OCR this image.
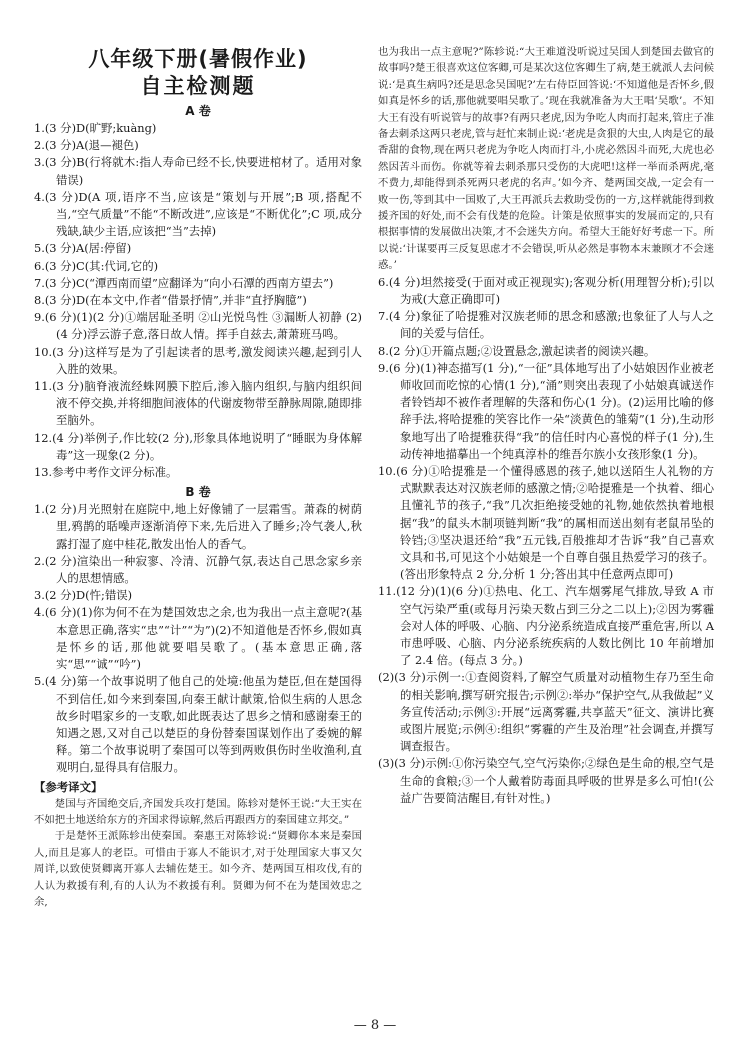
八年级下册(暑假作业)

自主检测题

A 卷

1.(3 分)D(旷野;kuàng)

2.(3 分)A(退—褪色)

3.(3 分)B(行将就木:指人寿命已经不长,快要进棺材了。适用对象错误)

4.(3 分)D(A 项,语序不当,应该是“策划与开展”;B 项,搭配不当,“空气质量”不能“不断改进”,应该是“不断优化”;C 项,成分残缺,缺少主语,应该把“当”去掉)

5.(3 分)A(居:停留)

6.(3 分)C(其:代词,它的)

7.(3 分)C(“潭西南而望”应翻译为“向小石潭的西南方望去”)

8.(3 分)D(在本文中,作者“借景抒情”,并非“直抒胸臆”)

9.(6 分)(1)(2 分)①端居耻圣明 ②山光悦鸟性 ③漏断人初静 (2)(4 分)浮云游子意,落日故人情。挥手自兹去,萧萧班马鸣。

10.(3 分)这样写是为了引起读者的思考,激发阅读兴趣,起到引人入胜的效果。

11.(3 分)脑脊液流经蛛网膜下腔后,渗入脑内组织,与脑内组织间液不停交换,并将细胞间液体的代谢废物带至静脉周隙,随即排至脑外。

12.(4 分)举例子,作比较(2 分),形象具体地说明了“睡眠为身体解毒”这一现象(2 分)。

13.参考中考作文评分标准。

B 卷

1.(2 分)月光照射在庭院中,地上好像铺了一层霜雪。萧森的树荫里,鸦鹊的聒噪声逐渐消停下来,先后进入了睡乡;冷气袭人,秋露打湿了庭中桂花,散发出怡人的香气。

2.(2 分)渲染出一种寂寥、冷清、沉静气氛,表达自己思念家乡亲人的思想情感。

3.(2 分)D(忤;错误)

4.(6 分)(1)你为何不在为楚国效忠之余,也为我出一点主意呢?(基本意思正确,落实“忠”“计”“为”)(2)不知道他是否怀乡,假如真是怀乡的话,那他就要唱吴歌了。(基本意思正确,落实“思”“诚”“吟”)

5.(4 分)第一个故事说明了他自己的处境:他虽为楚臣,但在楚国得不到信任,如今来到秦国,向秦王献计献策,恰似生病的人思念故乡时唱家乡的一支歌,如此既表达了思乡之情和感谢秦王的知遇之恩,又对自己以楚臣的身份替秦国谋划作出了委婉的解释。第二个故事说明了秦国可以等到两败俱伤时坐收渔利,直观明白,显得具有信服力。

【参考译文】

楚国与齐国绝交后,齐国发兵攻打楚国。陈轸对楚怀王说:“大王实在不如把土地送给东方的齐国求得谅解,然后再跟西方的秦国建立邦交。”

于是楚怀王派陈轸出使秦国。秦惠王对陈轸说:“贤卿你本来是秦国人,而且是寡人的老臣。可惜由于寡人不能识才,对于处理国家大事又欠周详,以致使贤卿离开寡人去辅佐楚王。如今齐、楚两国互相攻伐,有的人认为救援有利,有的人认为不救援有利。贤卿为何不在为楚国效忠之余,

也为我出一点主意呢?”陈轸说:“大王难道没听说过吴国人到楚国去做官的故事吗?楚王很喜欢这位客卿,可是某次这位客卿生了病,楚王就派人去问候说:‘是真生病吗?还是思念吴国呢?’左右侍臣回答说:‘不知道他是否怀乡,假如真是怀乡的话,那他就要唱吴歌了。’现在我就准备为大王唱‘吴歌’。不知大王有没有听说管与的故事?有两只老虎,因为争吃人肉而打起来,管庄子准备去刺杀这两只老虎,管与赶忙来制止说:‘老虎是贪狠的大虫,人肉是它的最香甜的食物,现在两只老虎为争吃人肉而打斗,小虎必然因斗而死,大虎也必然因苦斗而伤。你就等着去刺杀那只受伤的大虎吧!这样一举而杀两虎,毫不费力,却能得到杀死两只老虎的名声。’如今齐、楚两国交战,一定会有一败一伤,等到其中一国败了,大王再派兵去救助受伤的一方,这样就能得到救援齐国的好处,而不会有伐楚的危险。计策是依照事实的发展而定的,只有根据事情的发展做出决策,才不会迷失方向。希望大王能好好考虑一下。所以说:‘计谋要再三反复思虑才不会错误,听从必然是事物本末兼顾才不会迷惑。’

6.(4 分)坦然接受(于面对或正视现实);客观分析(用理智分析);引以为戒(大意正确即可)

7.(4 分)象征了哈提雅对汉族老师的思念和感激;也象征了人与人之间的关爱与信任。

8.(2 分)①开篇点题;②设置悬念,激起读者的阅读兴趣。

9.(6 分)(1)神态描写(1 分),“一征”具体地写出了小姑娘因作业被老师收回而吃惊的心情(1 分),“涌”则突出表现了小姑娘真诚送作者铃铛却不被作者理解的失落和伤心(1 分)。(2)运用比喻的修辞手法,将哈提雅的笑容比作一朵“淡黄色的雏菊”(1 分),生动形象地写出了哈提雅获得“我”的信任时内心喜悦的样子(1 分),生动传神地描摹出一个纯真淳朴的维吾尔族小女孩形象(1 分)。

10.(6 分)①哈提雅是一个懂得感恩的孩子,她以送陌生人礼物的方式默默表达对汉族老师的感激之情;②哈提雅是一个执着、细心且懂礼节的孩子,“我”几次拒绝接受她的礼物,她依然执着地根据“我”的鼠头木制项链判断“我”的属相而送出刻有老鼠吊坠的铃铛;③坚决退还给“我”五元钱,百般推却才告诉“我”自己喜欢文具和书,可见这个小姑娘是一个自尊自强且热爱学习的孩子。(答出形象特点 2 分,分析 1 分;答出其中任意两点即可)

11.(12 分)(1)(6 分)①热电、化工、汽车烟雾尾气排放,导致 A 市空气污染严重(或每月污染天数占到三分之二以上);②因为雾霾会对人体的呼吸、心脑、内分泌系统造成直接严重危害,所以 A 市患呼吸、心脑、内分泌系统疾病的人数比例比 10 年前增加了 2.4 倍。(每点 3 分。)

(2)(3 分)示例一:①查阅资料,了解空气质量对动植物生存乃至生命的相关影响,撰写研究报告;示例②:举办“保护空气,从我做起”义务宣传活动;示例③:开展“远离雾霾,共享蓝天”征文、演讲比赛或图片展览;示例④:组织“雾霾的产生及治理”社会调查,并撰写调查报告。

(3)(3 分)示例:①你污染空气,空气污染你;②绿色是生命的根,空气是生命的食粮;③一个人戴着防毒面具呼吸的世界是多么可怕!(公益广告要简洁醒目,有针对性。)

— 8 —
